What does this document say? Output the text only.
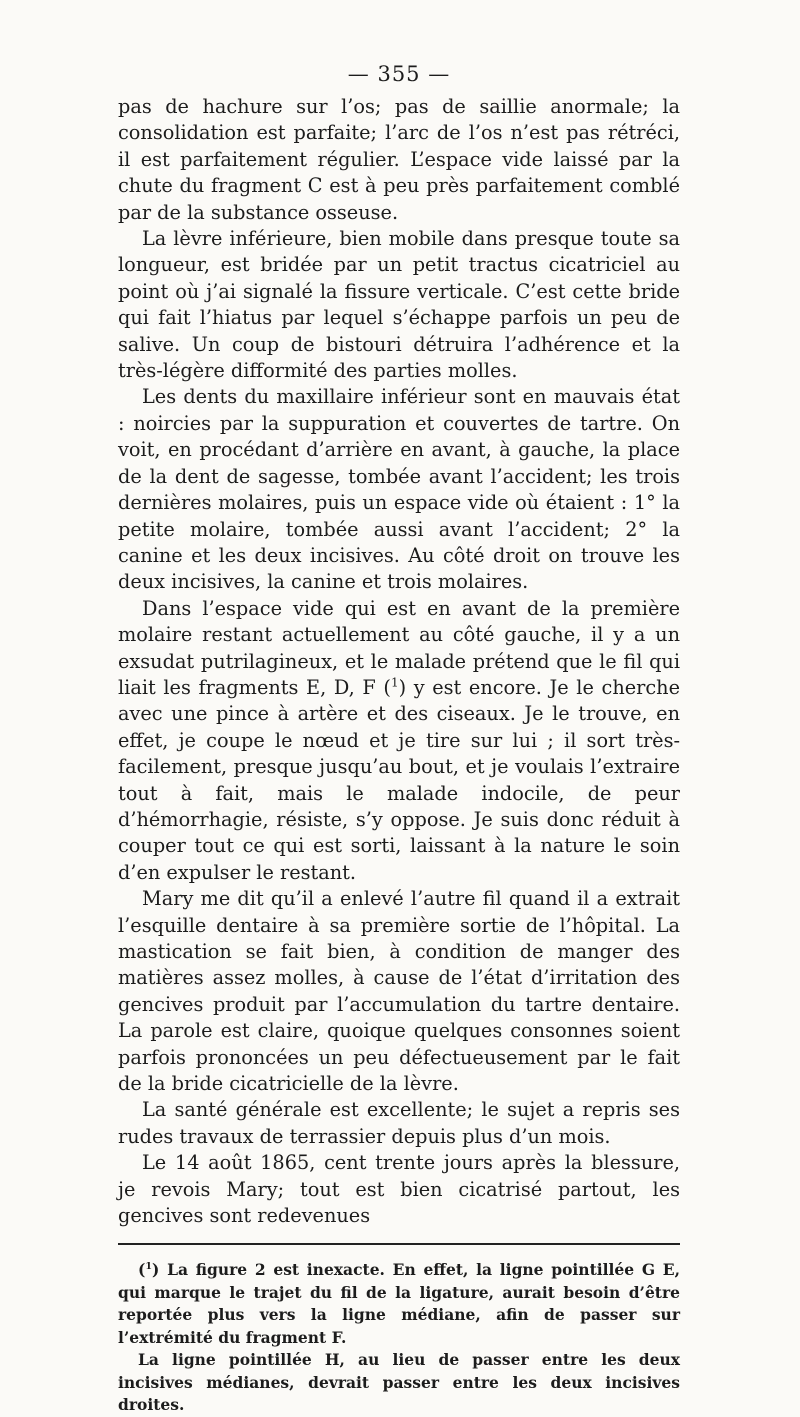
— 355 —

pas de hachure sur l’os; pas de saillie anormale; la consolidation est parfaite; l’arc de l’os n’est pas rétréci, il est parfaitement régulier. L’espace vide laissé par la chute du fragment C est à peu près parfaitement comblé par de la substance osseuse.

La lèvre inférieure, bien mobile dans presque toute sa longueur, est bridée par un petit tractus cicatriciel au point où j’ai signalé la fissure verticale. C’est cette bride qui fait l’hiatus par lequel s’échappe parfois un peu de salive. Un coup de bistouri détruira l’adhérence et la très-légère difformité des parties molles.

Les dents du maxillaire inférieur sont en mauvais état : noircies par la suppuration et couvertes de tartre. On voit, en procédant d’arrière en avant, à gauche, la place de la dent de sagesse, tombée avant l’accident; les trois dernières molaires, puis un espace vide où étaient : 1° la petite molaire, tombée aussi avant l’accident; 2° la canine et les deux incisives. Au côté droit on trouve les deux incisives, la canine et trois molaires.

Dans l’espace vide qui est en avant de la première molaire restant actuellement au côté gauche, il y a un exsudat putrilagineux, et le malade prétend que le fil qui liait les fragments E, D, F ($^1$) y est encore. Je le cherche avec une pince à artère et des ciseaux. Je le trouve, en effet, je coupe le nœud et je tire sur lui ; il sort très-facilement, presque jusqu’au bout, et je voulais l’extraire tout à fait, mais le malade indocile, de peur d’hémorrhagie, résiste, s’y oppose. Je suis donc réduit à couper tout ce qui est sorti, laissant à la nature le soin d’en expulser le restant.

Mary me dit qu’il a enlevé l’autre fil quand il a extrait l’esquille dentaire à sa première sortie de l’hôpital. La mastication se fait bien, à condition de manger des matières assez molles, à cause de l’état d’irritation des gencives produit par l’accumulation du tartre dentaire. La parole est claire, quoique quelques consonnes soient parfois prononcées un peu défectueusement par le fait de la bride cicatricielle de la lèvre.

La santé générale est excellente; le sujet a repris ses rudes travaux de terrassier depuis plus d’un mois.

Le 14 août 1865, cent trente jours après la blessure, je revois Mary; tout est bien cicatrisé partout, les gencives sont redevenues

($^1$) La figure 2 est inexacte. En effet, la ligne pointillée G E, qui marque le trajet du fil de la ligature, aurait besoin d’être reportée plus vers la ligne médiane, afin de passer sur l’extrémité du fragment F.

La ligne pointillée H, au lieu de passer entre les deux incisives médianes, devrait passer entre les deux incisives droites.
